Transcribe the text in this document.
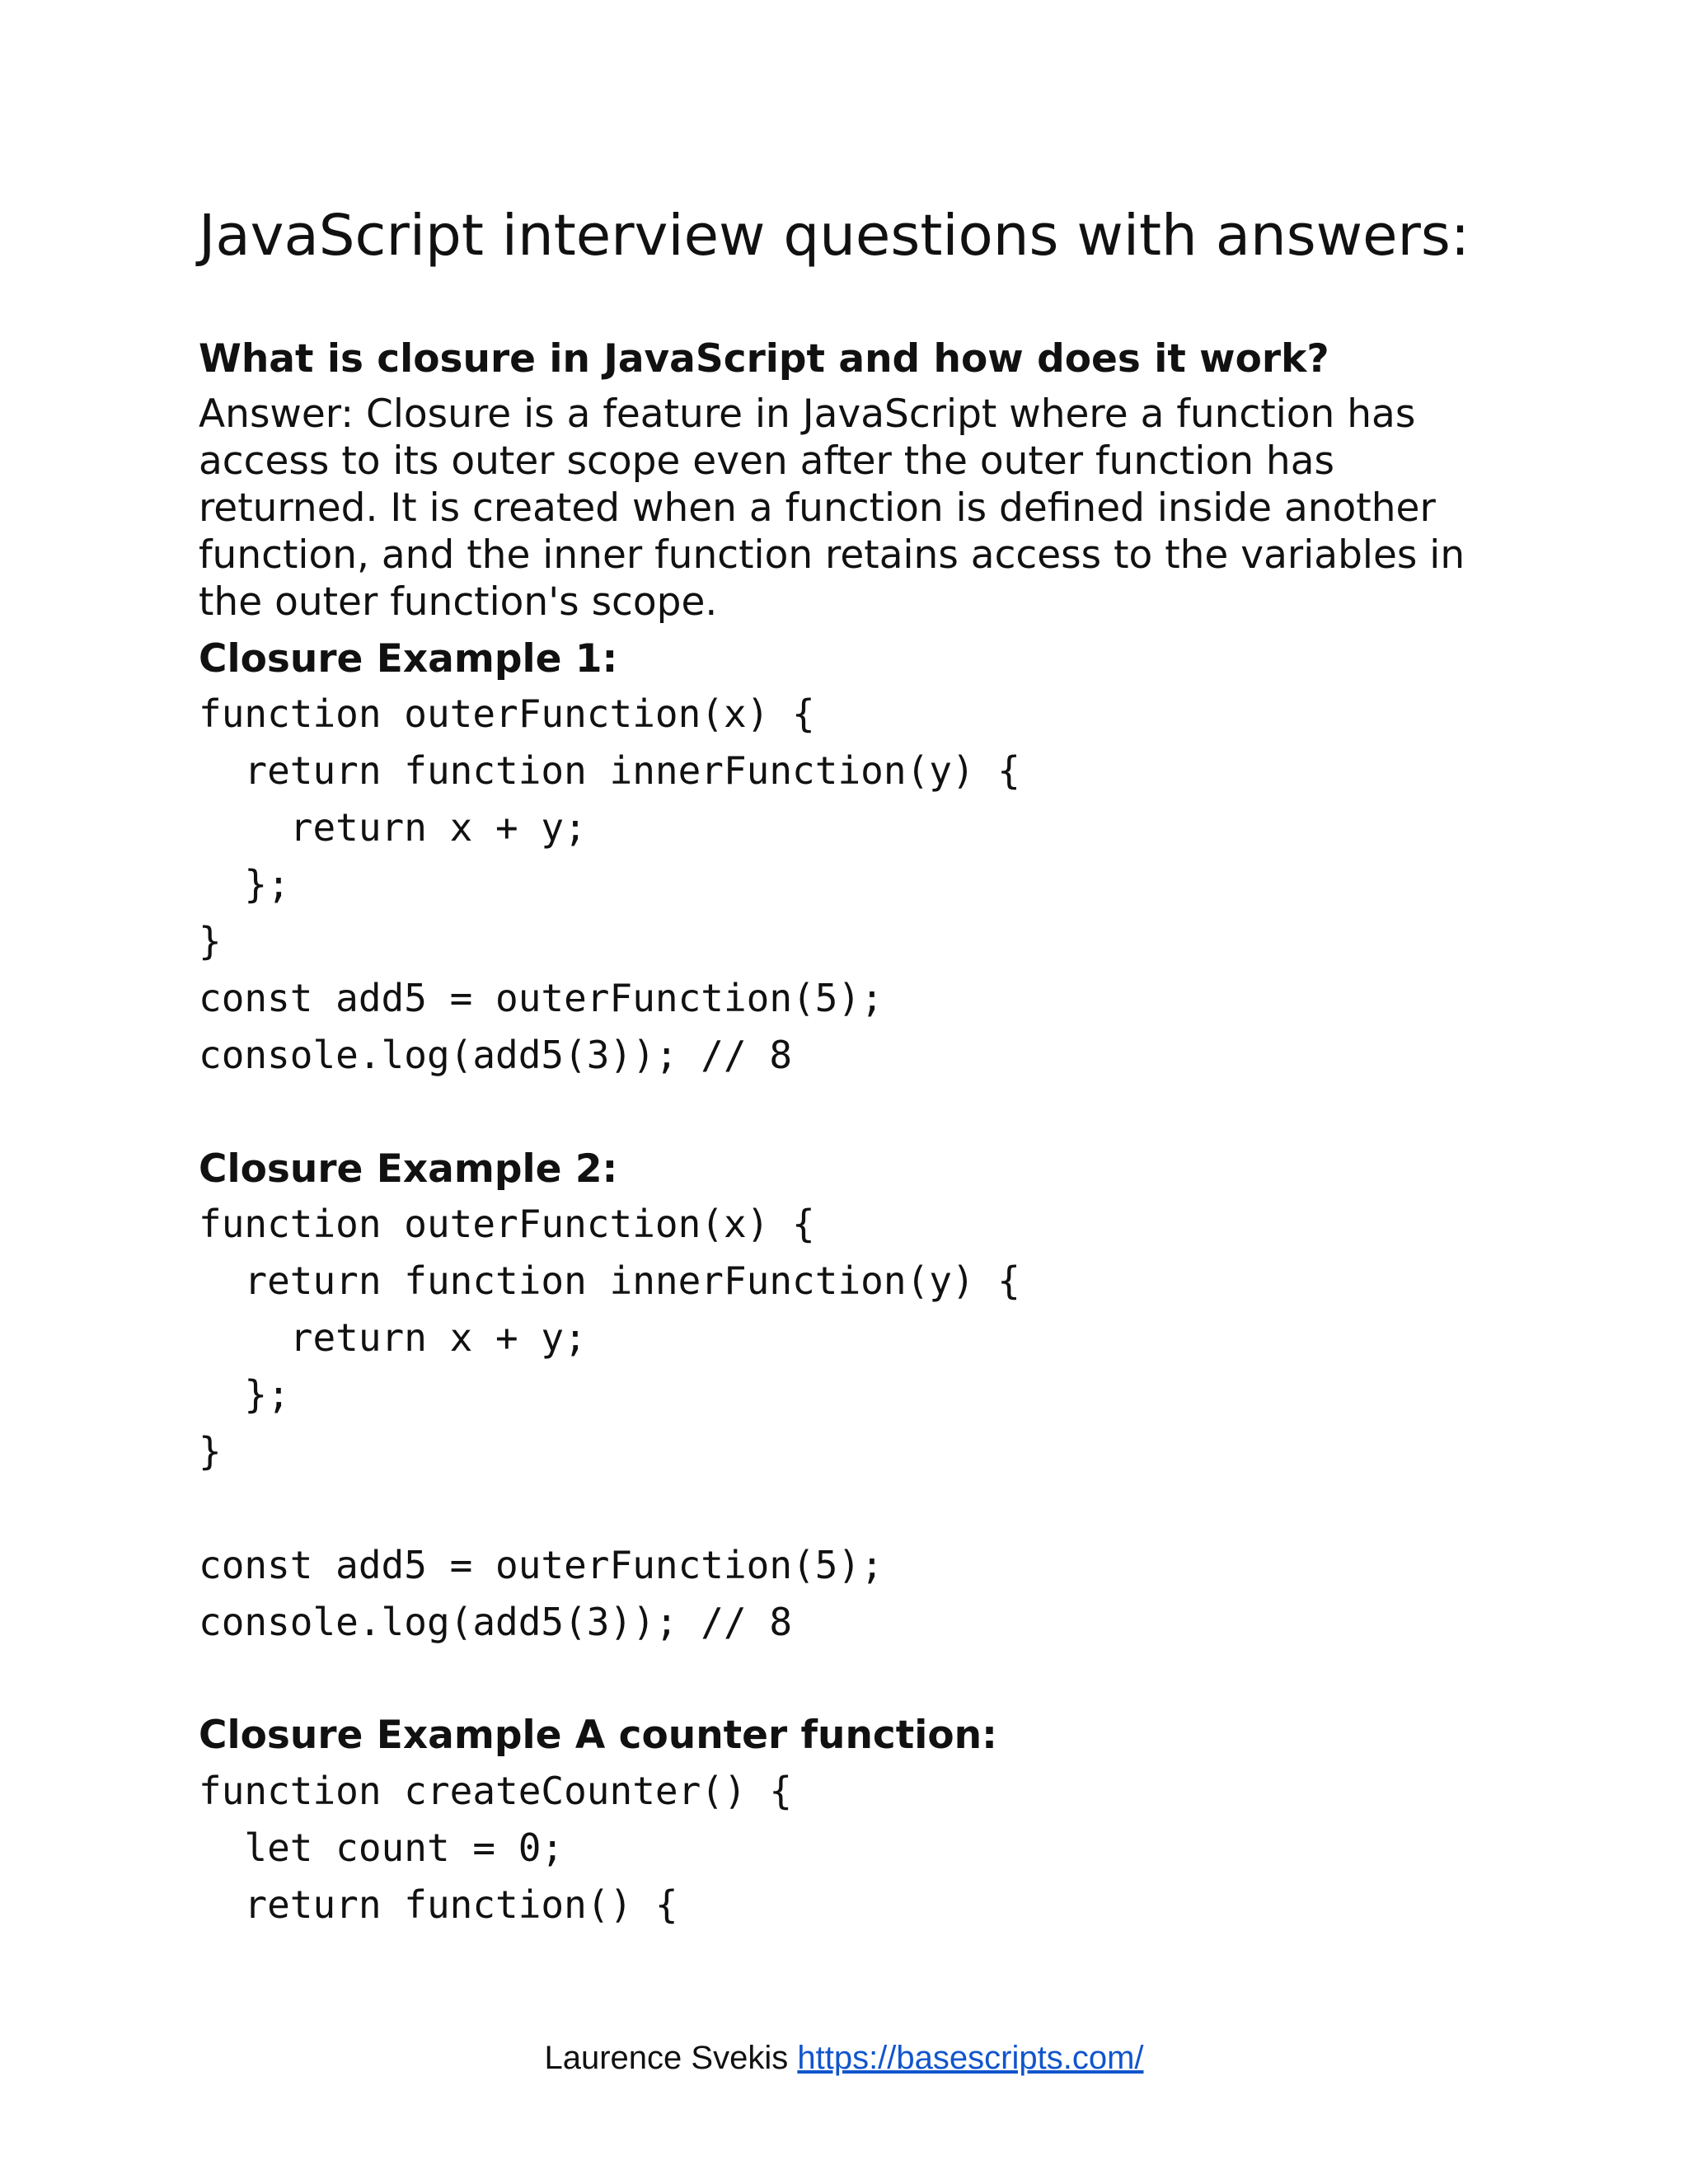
JavaScript interview questions with answers:
What is closure in JavaScript and how does it work?

Answer: Closure is a feature in JavaScript where a function has
access to its outer scope even after the outer function has
returned. It is created when a function is defined inside another
function, and the inner function retains access to the variables in
the outer function's scope.

Closure Example 1:
function outerFunction(x) {
return function innerFunction(y) {
return x + y;
};
}
const add5 = outerFunction(5);
console.log(add5(3)); // 8
Closure Example 2:
function outerFunction(x) {
return function innerFunction(y) {
return x + y;
};
}
const add5 = outerFunction(5);
console.log(add5(3)); // 8
Closure Example A counter function:
function createCounter() {
let count = 0;
return function() {
Laurence Svekis https://basescripts.com/
